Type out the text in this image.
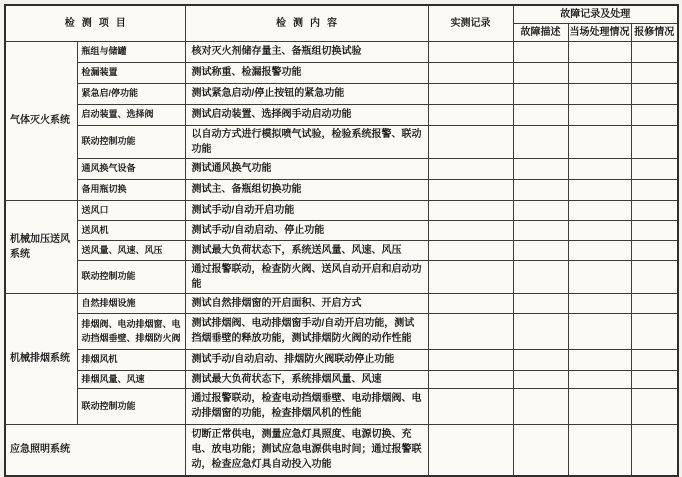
检测项目		检测内容	实测记录	故障记录及处理		
				故障描述	当场处理情况	报修情况
气体灭火系统	瓶组与储罐	核对灭火剂储存量主、备瓶组切换试验				
	检漏装置	测试称重、检漏报警功能				
	紧急启/停功能	测试紧急启动/停止按钮的紧急功能				
	启动装置、选择阀	测试启动装置、选择阀手动启动功能				
	联动控制功能	以自动方式进行模拟喷气试验，检验系统报警、联动功能				
	通风换气设备	测试通风换气功能				
	备用瓶切换	测试主、备瓶组切换功能				
机械加压送风系统	送风口	测试手动/自动开启功能				
	送风机	测试手动/自动启动、停止功能				
	送风量、风速、风压	测试最大负荷状态下，系统送风量、风速、风压				
	联动控制功能	通过报警联动，检查防火阀、送风自动开启和启动功能				
机械排烟系统	自然排烟设施	测试自然排烟窗的开启面积、开启方式				
	排烟阀、电动排烟窗、电动挡烟垂壁、排烟防火阀	测试排烟阀、电动排烟窗手动/自动开启功能，测试挡烟垂壁的释放功能，测试排烟防火阀的动作性能				
	排烟风机	测试手动/自动启动、排烟防火阀联动停止功能				
	排烟风量、风速	测试最大负荷状态下，系统排烟风量、风速				
	联动控制功能	通过报警联动，检查电动挡烟垂壁、电动排烟阀、电动排烟窗的功能，检查排烟风机的性能				
应急照明系统		切断正常供电，测量应急灯具照度、电源切换、充电、放电功能；测试应急电源供电时间；通过报警联动，检查应急灯具自动投入功能				
